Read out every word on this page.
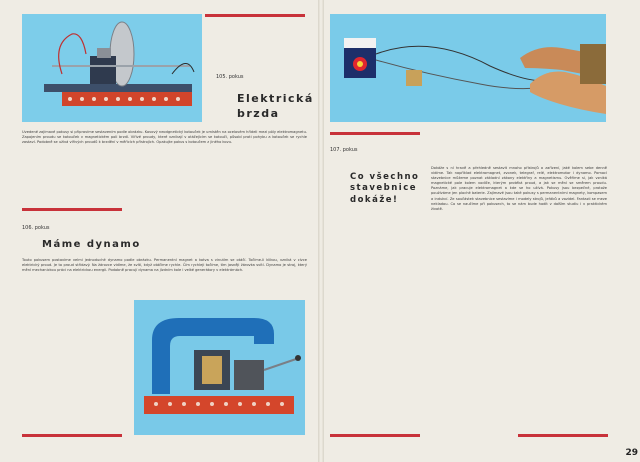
105. pokus
Elektrická
brzda
Uvedené zajímavé pokusy si připravíme sestavením podle obrázku. Kovový neodgnetický kotouček je umístěn na ocelovém hřídeli mezi póly elektromagnetu. Zapojením proudu se kotouček v magnetickém poli brzdí. Vířivé proudy, které vznikají v otáčejícím se kotouči, působí proti pohybu a kotouček se rychle zastaví. Podobně se užívá vířivých proudů k brzdění v měřicích přístrojích. Opakujte pokus s kotoučem z jiného kovu.
106. pokus
Máme dynamo
Touto pokusem postavíme velmi jednoduché dynamo podle obrázku. Permanentní magnet a kotva s vinutím se otáčí. Točíme-li klikou, vzniká v cívce elektrický proud. Je to proud střídavý. Na žárovce vidíme, že svítí, když otáčíme rychle. Čím rychleji točíme, tím jasněji žárovka svítí. Dynamo je stroj, který mění mechanickou práci na elektrickou energii. Podobně pracují dynama na jízdním kole i velké generátory v elektrárnách.
107. pokus
Co všechno
stavebnice
dokáže!
Dokáže s ní hravě a přehledně sestavit mnoho přístrojů a zařízení, jaké kolem sebe denně vidíme. Tak například elektromagnet, zvonek, telegraf, relé, elektromotor i dynamo. Pomocí stavebnice můžeme poznat základní zákony elektřiny a magnetismu. Ověříme si, jak vzniká magnetické pole kolem vodiče, kterým protéká proud, a jak se mění se směrem proudu. Poznáme, jak pracuje elektromagnet a kde se ho užívá. Pokusy jsou bezpečné, protože používáme jen ploché baterie. Zajímavé jsou také pokusy s permanentními magnety, kompasem a indukcí. Ze součástek stavebnice sestavíme i modely strojů, jeřábů a vozidel. Fantazii se meze nekladou. Co se naučíme při pokusech, to se nám bude hodit v dalším studiu i v praktickém životě.
29
